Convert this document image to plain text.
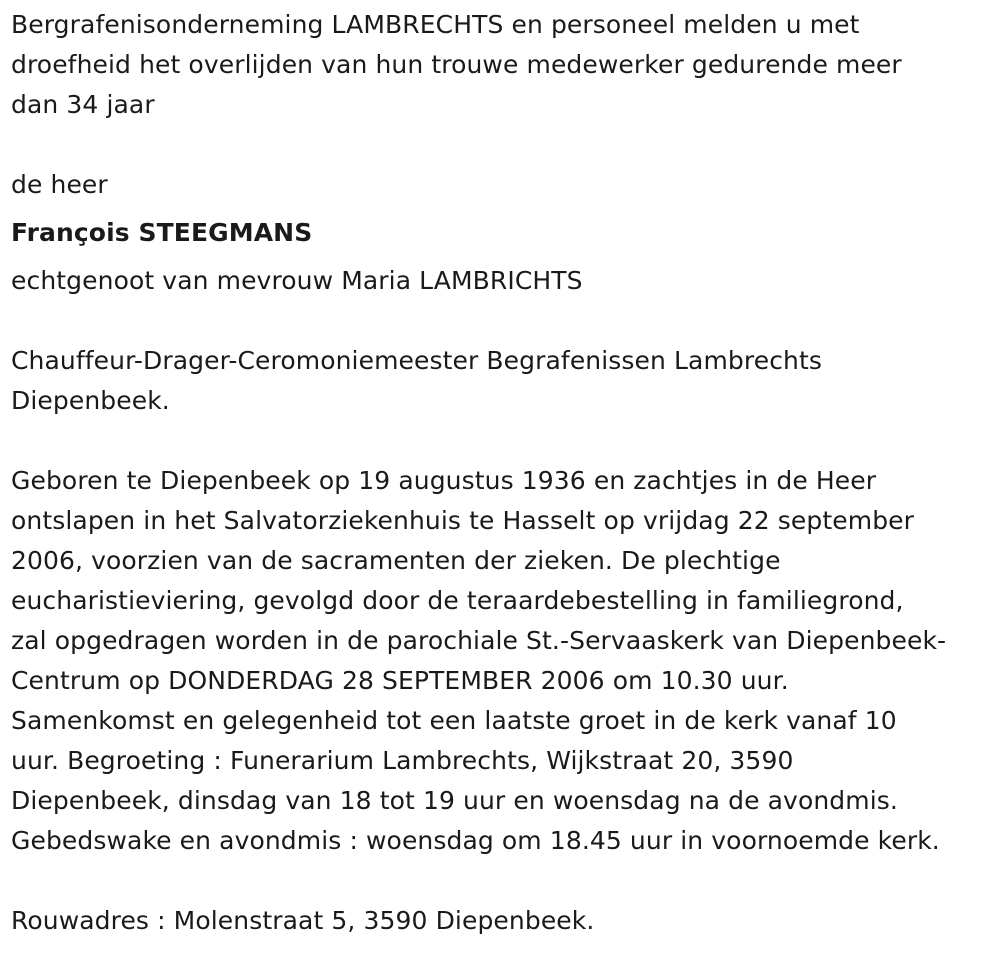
Bergrafenisonderneming LAMBRECHTS en personeel melden u met
droefheid het overlijden van hun trouwe medewerker gedurende meer
dan 34 jaar

de heer

François STEEGMANS

echtgenoot van mevrouw Maria LAMBRICHTS

Chauffeur-Drager-Ceromoniemeester Begrafenissen Lambrechts
Diepenbeek.

Geboren te Diepenbeek op 19 augustus 1936 en zachtjes in de Heer
ontslapen in het Salvatorziekenhuis te Hasselt op vrijdag 22 september
2006, voorzien van de sacramenten der zieken. De plechtige
eucharistieviering, gevolgd door de teraardebestelling in familiegrond,
zal opgedragen worden in de parochiale St.-Servaaskerk van Diepenbeek-
Centrum op DONDERDAG 28 SEPTEMBER 2006 om 10.30 uur.
Samenkomst en gelegenheid tot een laatste groet in de kerk vanaf 10
uur. Begroeting : Funerarium Lambrechts, Wijkstraat 20, 3590
Diepenbeek, dinsdag van 18 tot 19 uur en woensdag na de avondmis.
Gebedswake en avondmis : woensdag om 18.45 uur in voornoemde kerk.

Rouwadres : Molenstraat 5, 3590 Diepenbeek.
